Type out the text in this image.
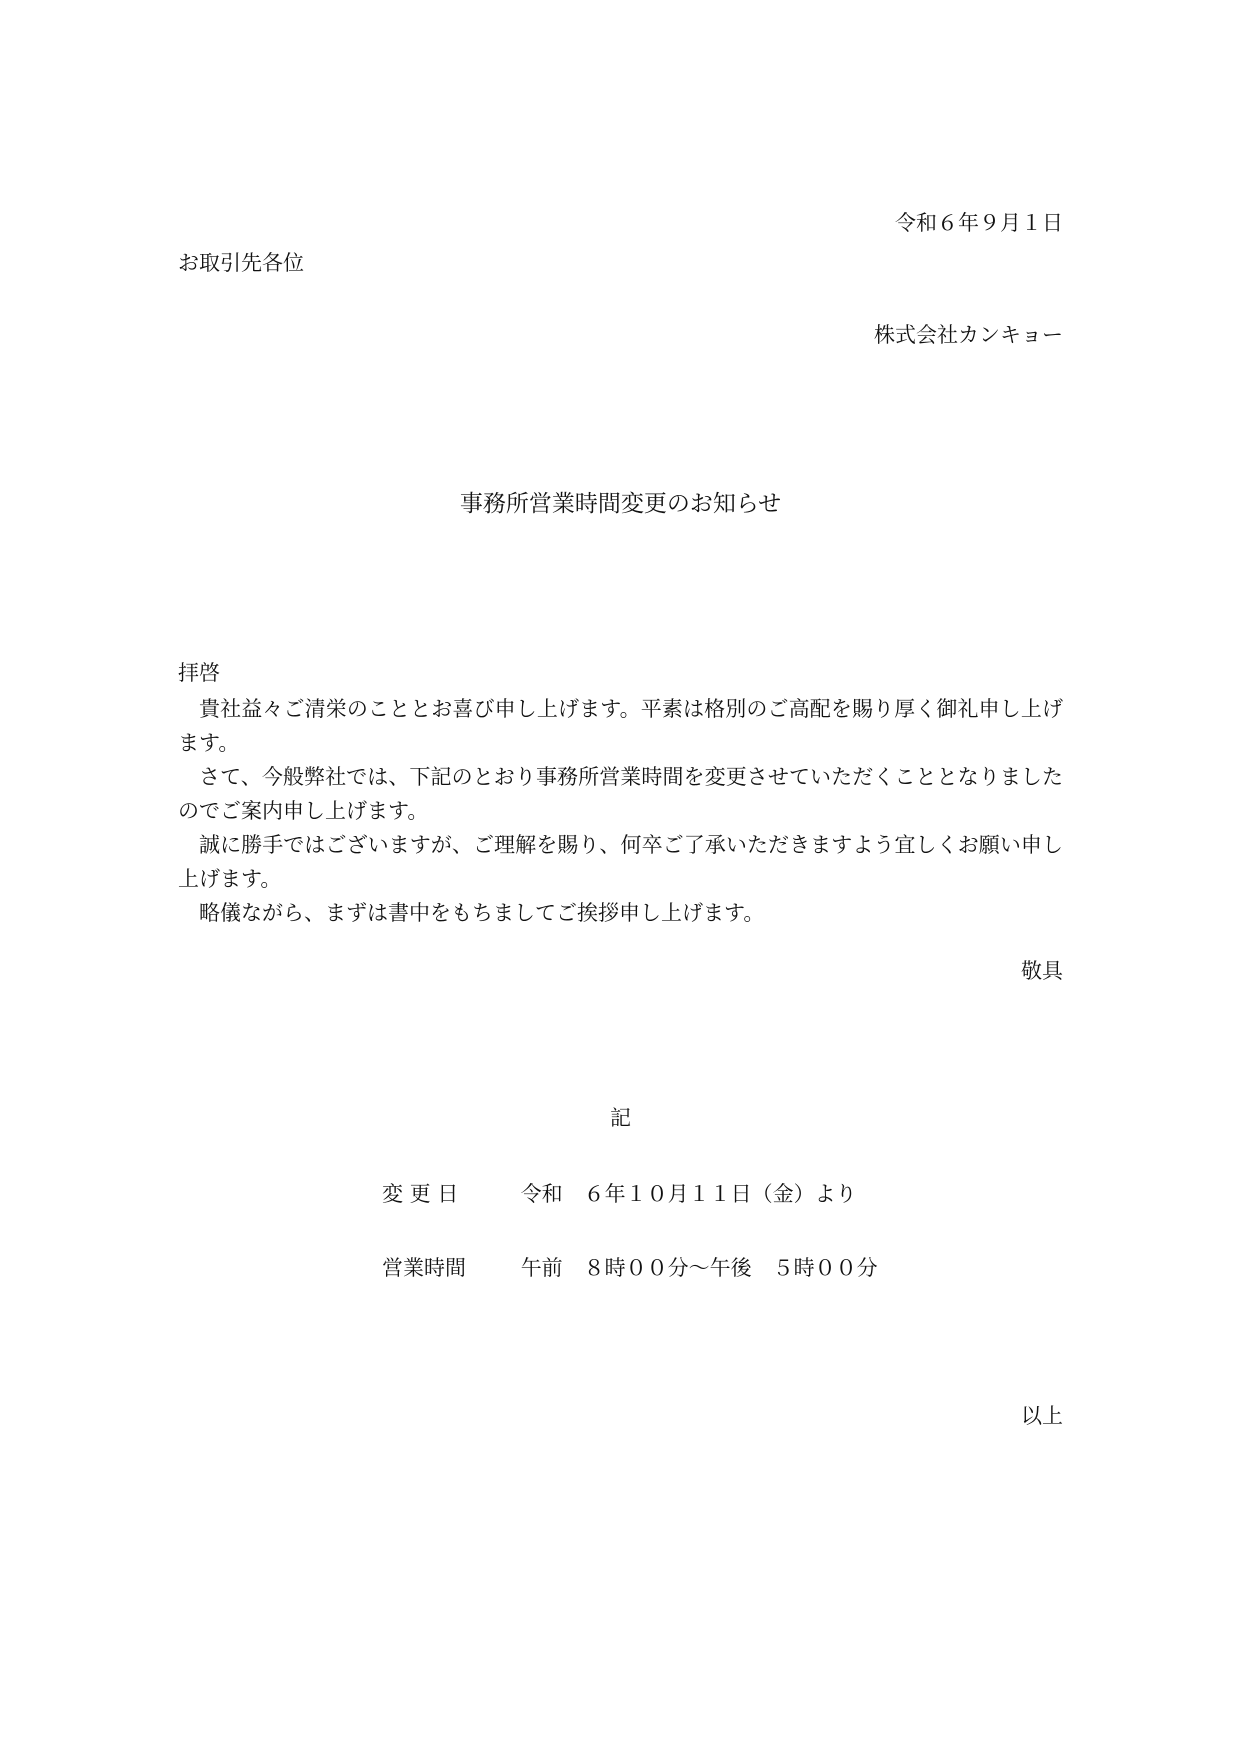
令和６年９月１日
お取引先各位
株式会社カンキョー
事務所営業時間変更のお知らせ
拝啓

貴社益々ご清栄のこととお喜び申し上げます。平素は格別のご高配を賜り厚く御礼申し上げます。

さて、今般弊社では、下記のとおり事務所営業時間を変更させていただくこととなりましたのでご案内申し上げます。

誠に勝手ではございますが、ご理解を賜り、何卒ご了承いただきますよう宜しくお願い申し上げます。

略儀ながら、まずは書中をもちましてご挨拶申し上げます。

敬具
記
変 更 日	令和　６年１０月１１日（金）より
営業時間	午前　８時００分～午後　５時００分
以上
